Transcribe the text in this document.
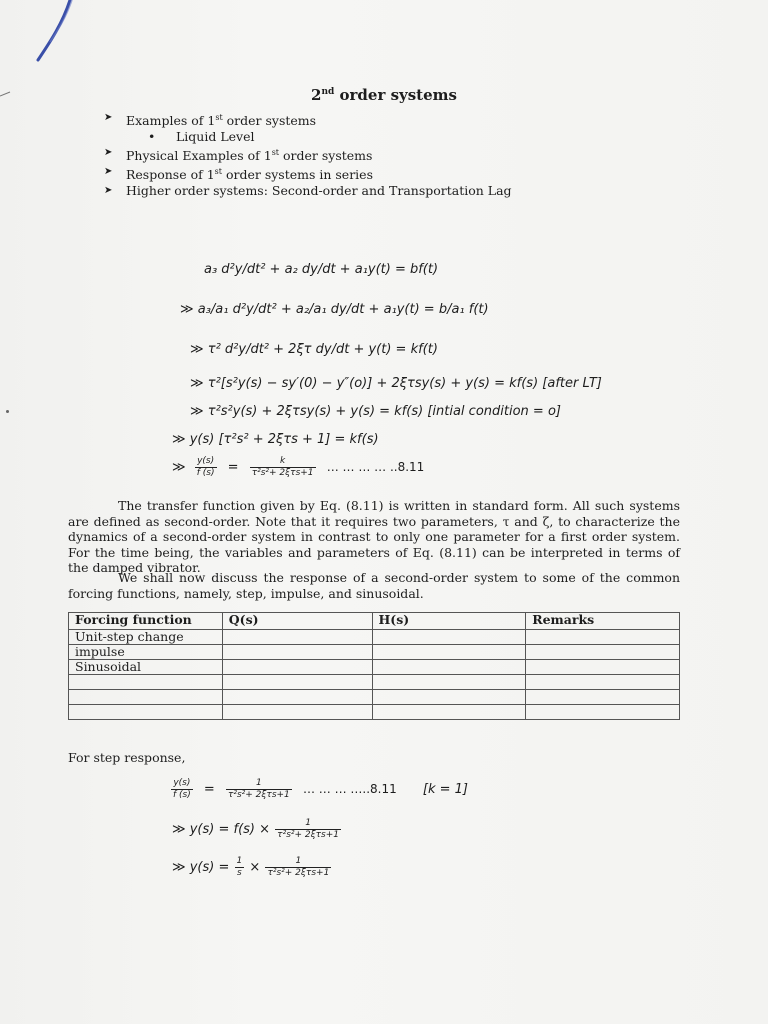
2nd order systems
➤ Examples of 1st order systems
• Liquid Level
➤ Physical Examples of 1st order systems
➤ Response of 1st order systems in series
➤ Higher order systems: Second-order and Transportation Lag
a₃ d²y/dt² + a₂ dy/dt + a₁y(t) = bf(t)
≫ a₃/a₁ d²y/dt² + a₂/a₁ dy/dt + a₁y(t) = b/a₁ f(t)
≫ τ² d²y/dt² + 2ξτ dy/dt + y(t) = kf(t)
≫ τ²[s²y(s) − sy′(0) − y″(o)] + 2ξτsy(s) + y(s) = kf(s) [after LT]
≫ τ²s²y(s) + 2ξτsy(s) + y(s) = kf(s) [intial condition = o]
≫ y(s) [τ²s² + 2ξτs + 1] = kf(s)
≫ $\frac{y(s)}{f (s)} = \frac{k}{\text{τ²s²+ 2ξτs+1}}$ … … … … ..8.11
The transfer function given by Eq. (8.11) is written in standard form. All such systems are defined as second-order. Note that it requires two parameters, τ and ζ, to characterize the dynamics of a second-order system in contrast to only one parameter for a first order system. For the time being, the variables and parameters of Eq. (8.11) can be interpreted in terms of the damped vibrator.
We shall now discuss the response of a second-order system to some of the common forcing functions, namely, step, impulse, and sinusoidal.
Forcing function	Q(s)	H(s)	Remarks
Unit-step change			
impulse			
Sinusoidal			

For step response,
$\frac{y(s)}{f (s)} = \frac{1}{\text{τ²s²+ 2ξτs+1}}$ … … … …..8.11 [k = 1]
≫ $y(s) = f(s) \times \frac{1}{\text{τ²s²+ 2ξτs+1}}$
≫ $y(s) = \frac{1}{s} \times \frac{1}{\text{τ²s²+ 2ξτs+1}}$
